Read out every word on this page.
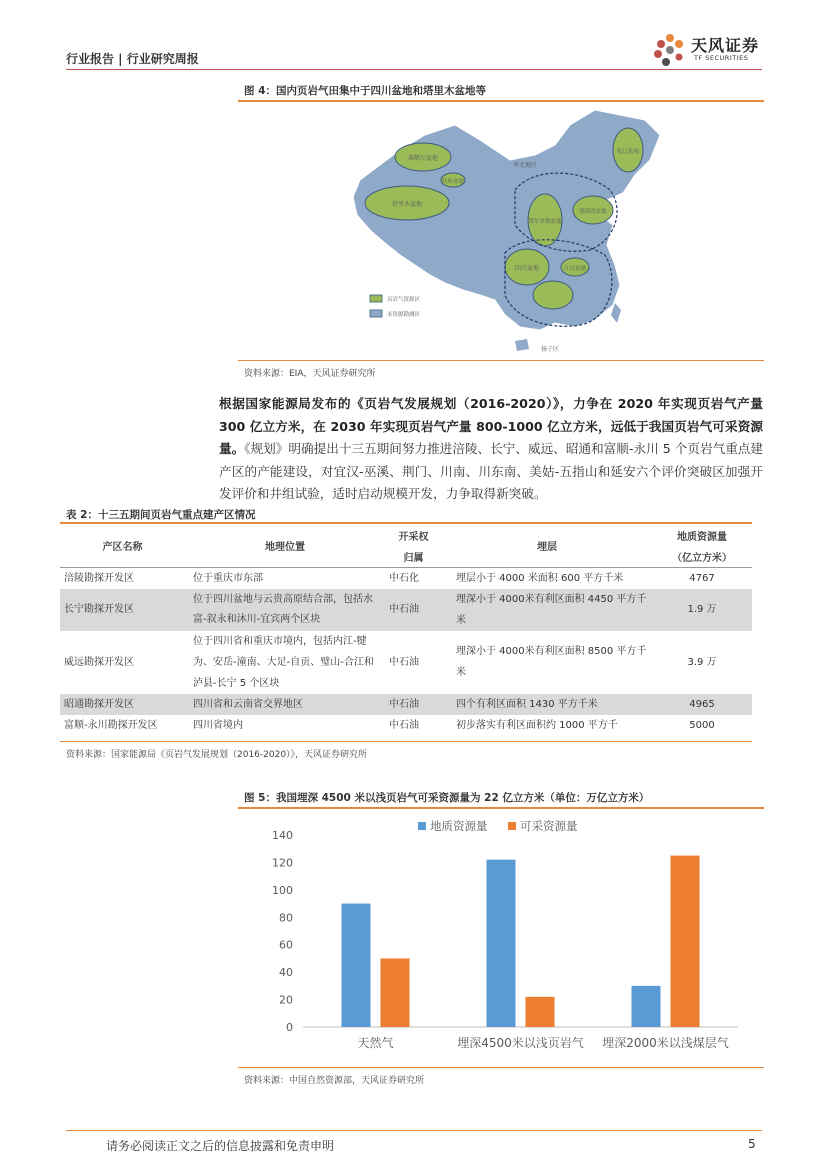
行业报告 | 行业研究周报
天风证券
TF SECURITIES
图 4：国内页岩气田集中于四川盆地和塔里木盆地等
准噶尔盆地
吐哈盆地
塔里木盆地
华北地区
松辽盆地
鄂尔多斯盆地
渤海湾盆地
四川盆地	江汉盆地
扬子区
页岩气资源区
未资源勘测区
资料来源：EIA，天风证券研究所
根据国家能源局发布的《页岩气发展规划（2016-2020）》，力争在 2020 年实现页岩气产量 300 亿立方米，在 2030 年实现页岩气产量 800-1000 亿立方米，远低于我国页岩气可采资源量。《规划》明确提出十三五期间努力推进涪陵、长宁、威远、昭通和富顺-永川 5 个页岩气重点建产区的产能建设，对宜汉-巫溪、荆门、川南、川东南、美姑-五指山和延安六个评价突破区加强开发评价和井组试验，适时启动规模开发，力争取得新突破。
表 2：十三五期间页岩气重点建产区情况
产区名称	地理位置	开采权	埋层	地质资源量
		归属		（亿立方米）
涪陵勘探开发区	位于重庆市东部	中石化	埋层小于 4000 米面积 600 平方千米	4767
长宁勘探开发区	位于四川盆地与云贵高原结合部，包括水富-叙永和沐川-宜宾两个区块	中石油	埋深小于 4000米有利区面积 4450 平方千米	1.9 万
威远勘探开发区	位于四川省和重庆市境内，包括内江-犍为、安岳-潼南、大足-自贡、璧山-合江和泸县-长宁 5 个区块	中石油	埋深小于 4000米有利区面积 8500 平方千米	3.9 万
昭通勘探开发区	四川省和云南省交界地区	中石油	四个有利区面积 1430 平方千米	4965
富顺-永川勘探开发区	四川省境内	中石油	初步落实有利区面积约 1000 平方千	5000
资料来源：国家能源局《页岩气发展规划（2016-2020）》，天风证券研究所
图 5：我国埋深 4500 米以浅页岩气可采资源量为 22 亿立方米（单位：万亿立方米）
0
20
40
60
80
100
120
140
天然气	埋深4500米以浅页岩气 埋深2000米以浅煤层气
地质资源量	可采资源量
资料来源：中国自然资源部，天风证券研究所
请务必阅读正文之后的信息披露和免责申明	5
